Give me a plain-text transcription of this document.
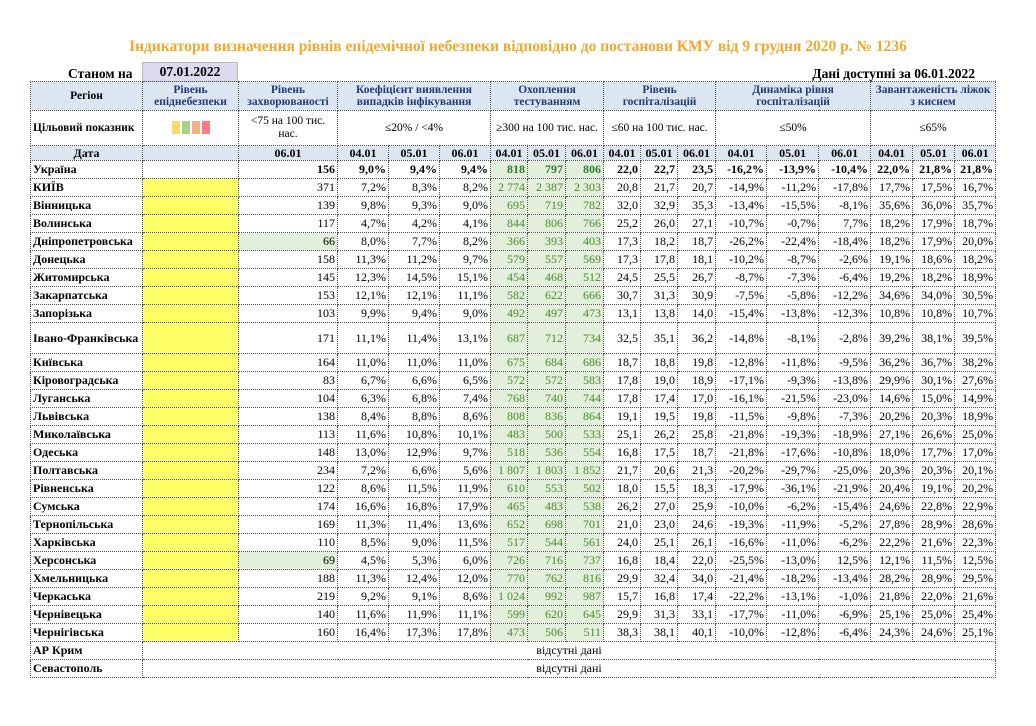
Індикатори визначення рівнів епідемічної небезпеки відповідно до постанови КМУ від 9 грудня 2020 р. № 1236
Станом на	07.01.2022	Дані доступні за 06.01.2022
Регіон	Рівень епіднебезпеки	Рівень захворюваності	Коефіцієнт виявлення випадків інфікування			Охоплення тестуванням			Рівень госпіталізацій			Динаміка рівня госпіталізацій			Завантаженість ліжок з киснем		
Цільовий показник		<75 на 100 тис. нас.	≤20% / <4%			≥300 на 100 тис. нас.			≤60 на 100 тис. нас.			≤50%			≤65%		
Дата		06.01	04.01	05.01	06.01	04.01	05.01	06.01	04.01	05.01	06.01	04.01	05.01	06.01	04.01	05.01	06.01
Україна		156	9,0%	9,4%	9,4%	818	797	806	22,0	22,7	23,5	-16,2%	-13,9%	-10,4%	22,0%	21,8%	21,8%
КИЇВ		371	7,2%	8,3%	8,2%	2 774	2 387	2 303	20,8	21,7	20,7	-14,9%	-11,2%	-17,8%	17,7%	17,5%	16,7%
Вінницька		139	9,8%	9,3%	9,0%	695	719	782	32,0	32,9	35,3	-13,4%	-15,5%	-8,1%	35,6%	36,0%	35,7%
Волинська		117	4,7%	4,2%	4,1%	844	806	766	25,2	26,0	27,1	-10,7%	-0,7%	7,7%	18,2%	17,9%	18,7%
Дніпропетровська		66	8,0%	7,7%	8,2%	366	393	403	17,3	18,2	18,7	-26,2%	-22,4%	-18,4%	18,2%	17,9%	20,0%
Донецька		158	11,3%	11,2%	9,7%	579	557	569	17,3	17,8	18,1	-10,2%	-8,7%	-2,6%	19,1%	18,6%	18,2%
Житомирська		145	12,3%	14,5%	15,1%	454	468	512	24,5	25,5	26,7	-8,7%	-7,3%	-6,4%	19,2%	18,2%	18,9%
Закарпатська		153	12,1%	12,1%	11,1%	582	622	666	30,7	31,3	30,9	-7,5%	-5,8%	-12,2%	34,6%	34,0%	30,5%
Запорізька		103	9,9%	9,4%	9,0%	492	497	473	13,1	13,8	14,0	-15,4%	-13,8%	-12,3%	10,8%	10,8%	10,7%
Івано-Франківська		171	11,1%	11,4%	13,1%	687	712	734	32,5	35,1	36,2	-14,8%	-8,1%	-2,8%	39,2%	38,1%	39,5%
Київська		164	11,0%	11,0%	11,0%	675	684	686	18,7	18,8	19,8	-12,8%	-11,8%	-9,5%	36,2%	36,7%	38,2%
Кіровоградська		83	6,7%	6,6%	6,5%	572	572	583	17,8	19,0	18,9	-17,1%	-9,3%	-13,8%	29,9%	30,1%	27,6%
Луганська		104	6,3%	6,8%	7,4%	768	740	744	17,8	17,4	17,0	-16,1%	-21,5%	-23,0%	14,6%	15,0%	14,9%
Львівська		138	8,4%	8,8%	8,6%	808	836	864	19,1	19,5	19,8	-11,5%	-9,8%	-7,3%	20,2%	20,3%	18,9%
Миколаївська		113	11,6%	10,8%	10,1%	483	500	533	25,1	26,2	25,8	-21,8%	-19,3%	-18,9%	27,1%	26,6%	25,0%
Одеська		148	13,0%	12,9%	9,7%	518	536	554	16,8	17,5	18,7	-21,8%	-17,6%	-10,8%	18,0%	17,7%	17,0%
Полтавська		234	7,2%	6,6%	5,6%	1 807	1 803	1 852	21,7	20,6	21,3	-20,2%	-29,7%	-25,0%	20,3%	20,3%	20,1%
Рівненська		122	8,6%	11,5%	11,9%	610	553	502	18,0	15,5	18,3	-17,9%	-36,1%	-21,9%	20,4%	19,1%	20,2%
Сумська		174	16,6%	16,8%	17,9%	465	483	538	26,2	27,0	25,9	-10,0%	-6,2%	-15,4%	24,6%	22,8%	22,9%
Тернопільська		169	11,3%	11,4%	13,6%	652	698	701	21,0	23,0	24,6	-19,3%	-11,9%	-5,2%	27,8%	28,9%	28,6%
Харківська		110	8,5%	9,0%	11,5%	517	544	561	24,0	25,1	26,1	-16,6%	-11,0%	-6,2%	22,2%	21,6%	22,3%
Херсонська		69	4,5%	5,3%	6,0%	726	716	737	16,8	18,4	22,0	-25,5%	-13,0%	12,5%	12,1%	11,5%	12,5%
Хмельницька		188	11,3%	12,4%	12,0%	770	762	816	29,9	32,4	34,0	-21,4%	-18,2%	-13,4%	28,2%	28,9%	29,5%
Черкаська		219	9,2%	9,1%	8,6%	1 024	992	987	15,7	16,8	17,4	-22,2%	-13,1%	-1,0%	21,8%	22,0%	21,6%
Чернівецька		140	11,6%	11,9%	11,1%	599	620	645	29,9	31,3	33,1	-17,7%	-11,0%	-6,9%	25,1%	25,0%	25,4%
Чернігівська		160	16,4%	17,3%	17,8%	473	506	511	38,3	38,1	40,1	-10,0%	-12,8%	-6,4%	24,3%	24,6%	25,1%
АР Крим	відсутні дані																
Севастополь	відсутні дані																
